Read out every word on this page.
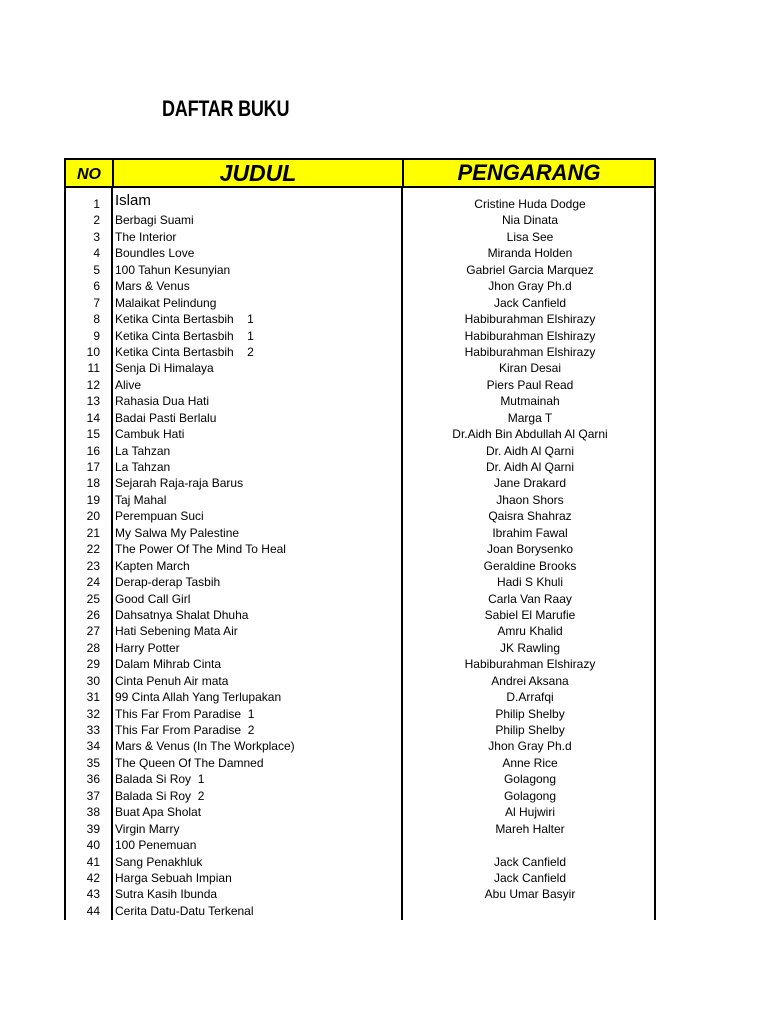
DAFTAR BUKU
NO	JUDUL	PENGARANG
1 Islam	Cristine Huda Dodge
2 Berbagi Suami	Nia Dinata
3 The Interior	Lisa See
4 Boundles Love	Miranda Holden
5 100 Tahun Kesunyian	Gabriel Garcia Marquez
6 Mars & Venus	Jhon Gray Ph.d
7 Malaikat Pelindung	Jack Canfield
8 Ketika Cinta Bertasbih    1	Habiburahman Elshirazy
9 Ketika Cinta Bertasbih    1	Habiburahman Elshirazy
10 Ketika Cinta Bertasbih    2	Habiburahman Elshirazy
11 Senja Di Himalaya	Kiran Desai
12 Alive	Piers Paul Read
13 Rahasia Dua Hati	Mutmainah
14 Badai Pasti Berlalu	Marga T
15 Cambuk Hati	Dr.Aidh Bin Abdullah Al Qarni
16 La Tahzan	Dr. Aidh Al Qarni
17 La Tahzan	Dr. Aidh Al Qarni
18 Sejarah Raja-raja Barus	Jane Drakard
19 Taj Mahal	Jhaon Shors
20 Perempuan Suci	Qaisra Shahraz
21 My Salwa My Palestine	Ibrahim Fawal
22 The Power Of The Mind To Heal	Joan Borysenko
23 Kapten March	Geraldine Brooks
24 Derap-derap Tasbih	Hadi S Khuli
25 Good Call Girl	Carla Van Raay
26 Dahsatnya Shalat Dhuha	Sabiel El Marufie
27 Hati Sebening Mata Air	Amru Khalid
28 Harry Potter	JK Rawling
29 Dalam Mihrab Cinta	Habiburahman Elshirazy
30 Cinta Penuh Air mata	Andrei Aksana
31 99 Cinta Allah Yang Terlupakan	D.Arrafqi
32 This Far From Paradise  1	Philip Shelby
33 This Far From Paradise  2	Philip Shelby
34 Mars & Venus (In The Workplace)	Jhon Gray Ph.d
35 The Queen Of The Damned	Anne Rice
36 Balada Si Roy  1	Golagong
37 Balada Si Roy  2	Golagong
38 Buat Apa Sholat	Al Hujwiri
39 Virgin Marry	Mareh Halter
40 100 Penemuan
41 Sang Penakhluk	Jack Canfield
42 Harga Sebuah Impian	Jack Canfield
43 Sutra Kasih Ibunda	Abu Umar Basyir
44 Cerita Datu-Datu Terkenal
